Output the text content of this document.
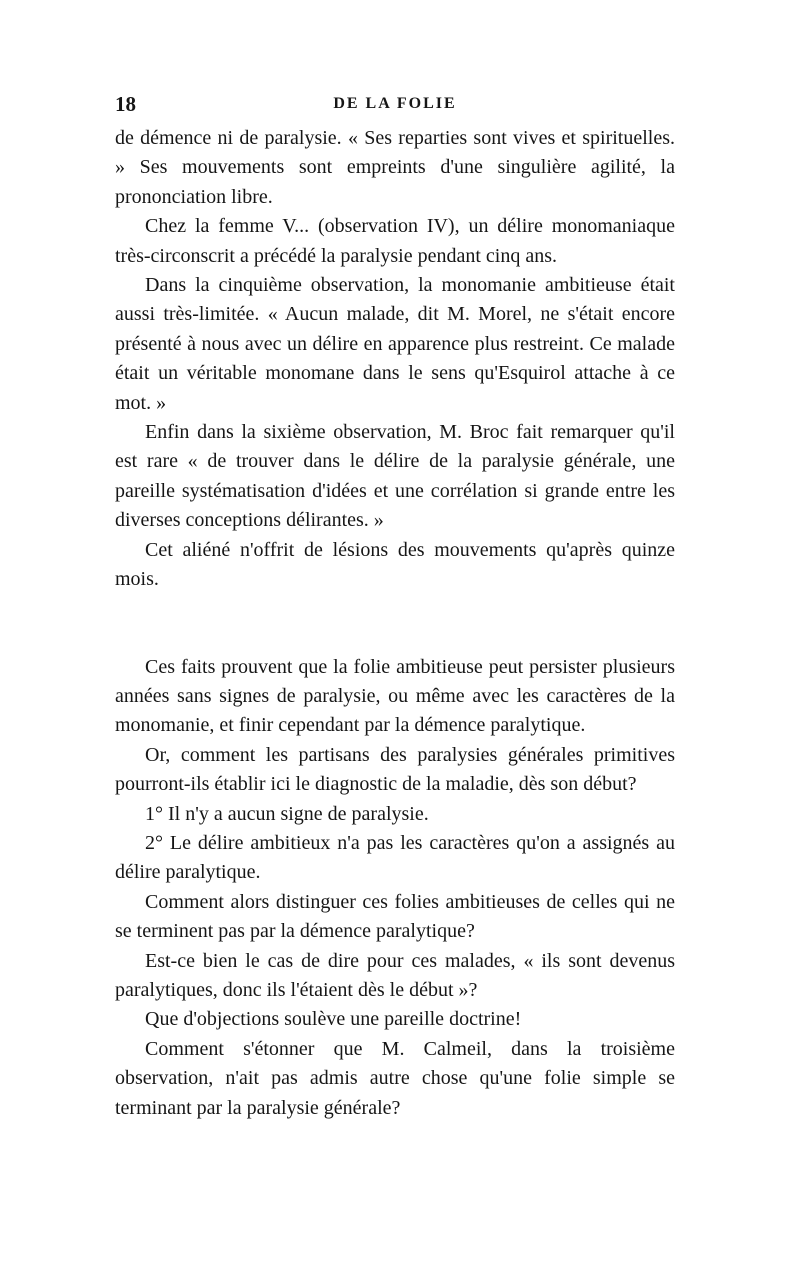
18	DE LA FOLIE

de démence ni de paralysie. « Ses reparties sont vives et spirituelles. » Ses mouvements sont empreints d'une singulière agilité, la prononciation libre.

Chez la femme V... (observation IV), un délire monomaniaque très-circonscrit a précédé la paralysie pendant cinq ans.

Dans la cinquième observation, la monomanie ambitieuse était aussi très-limitée. « Aucun malade, dit M. Morel, ne s'était encore présenté à nous avec un délire en apparence plus restreint. Ce malade était un véritable monomane dans le sens qu'Esquirol attache à ce mot. »

Enfin dans la sixième observation, M. Broc fait remarquer qu'il est rare « de trouver dans le délire de la paralysie générale, une pareille systématisation d'idées et une corrélation si grande entre les diverses conceptions délirantes. »

Cet aliéné n'offrit de lésions des mouvements qu'après quinze mois.

Ces faits prouvent que la folie ambitieuse peut persister plusieurs années sans signes de paralysie, ou même avec les caractères de la monomanie, et finir cependant par la démence paralytique.

Or, comment les partisans des paralysies générales primitives pourront-ils établir ici le diagnostic de la maladie, dès son début?

1° Il n'y a aucun signe de paralysie.

2° Le délire ambitieux n'a pas les caractères qu'on a assignés au délire paralytique.

Comment alors distinguer ces folies ambitieuses de celles qui ne se terminent pas par la démence paralytique?

Est-ce bien le cas de dire pour ces malades, « ils sont devenus paralytiques, donc ils l'étaient dès le début »?

Que d'objections soulève une pareille doctrine!

Comment s'étonner que M. Calmeil, dans la troisième observation, n'ait pas admis autre chose qu'une folie simple se terminant par la paralysie générale?
